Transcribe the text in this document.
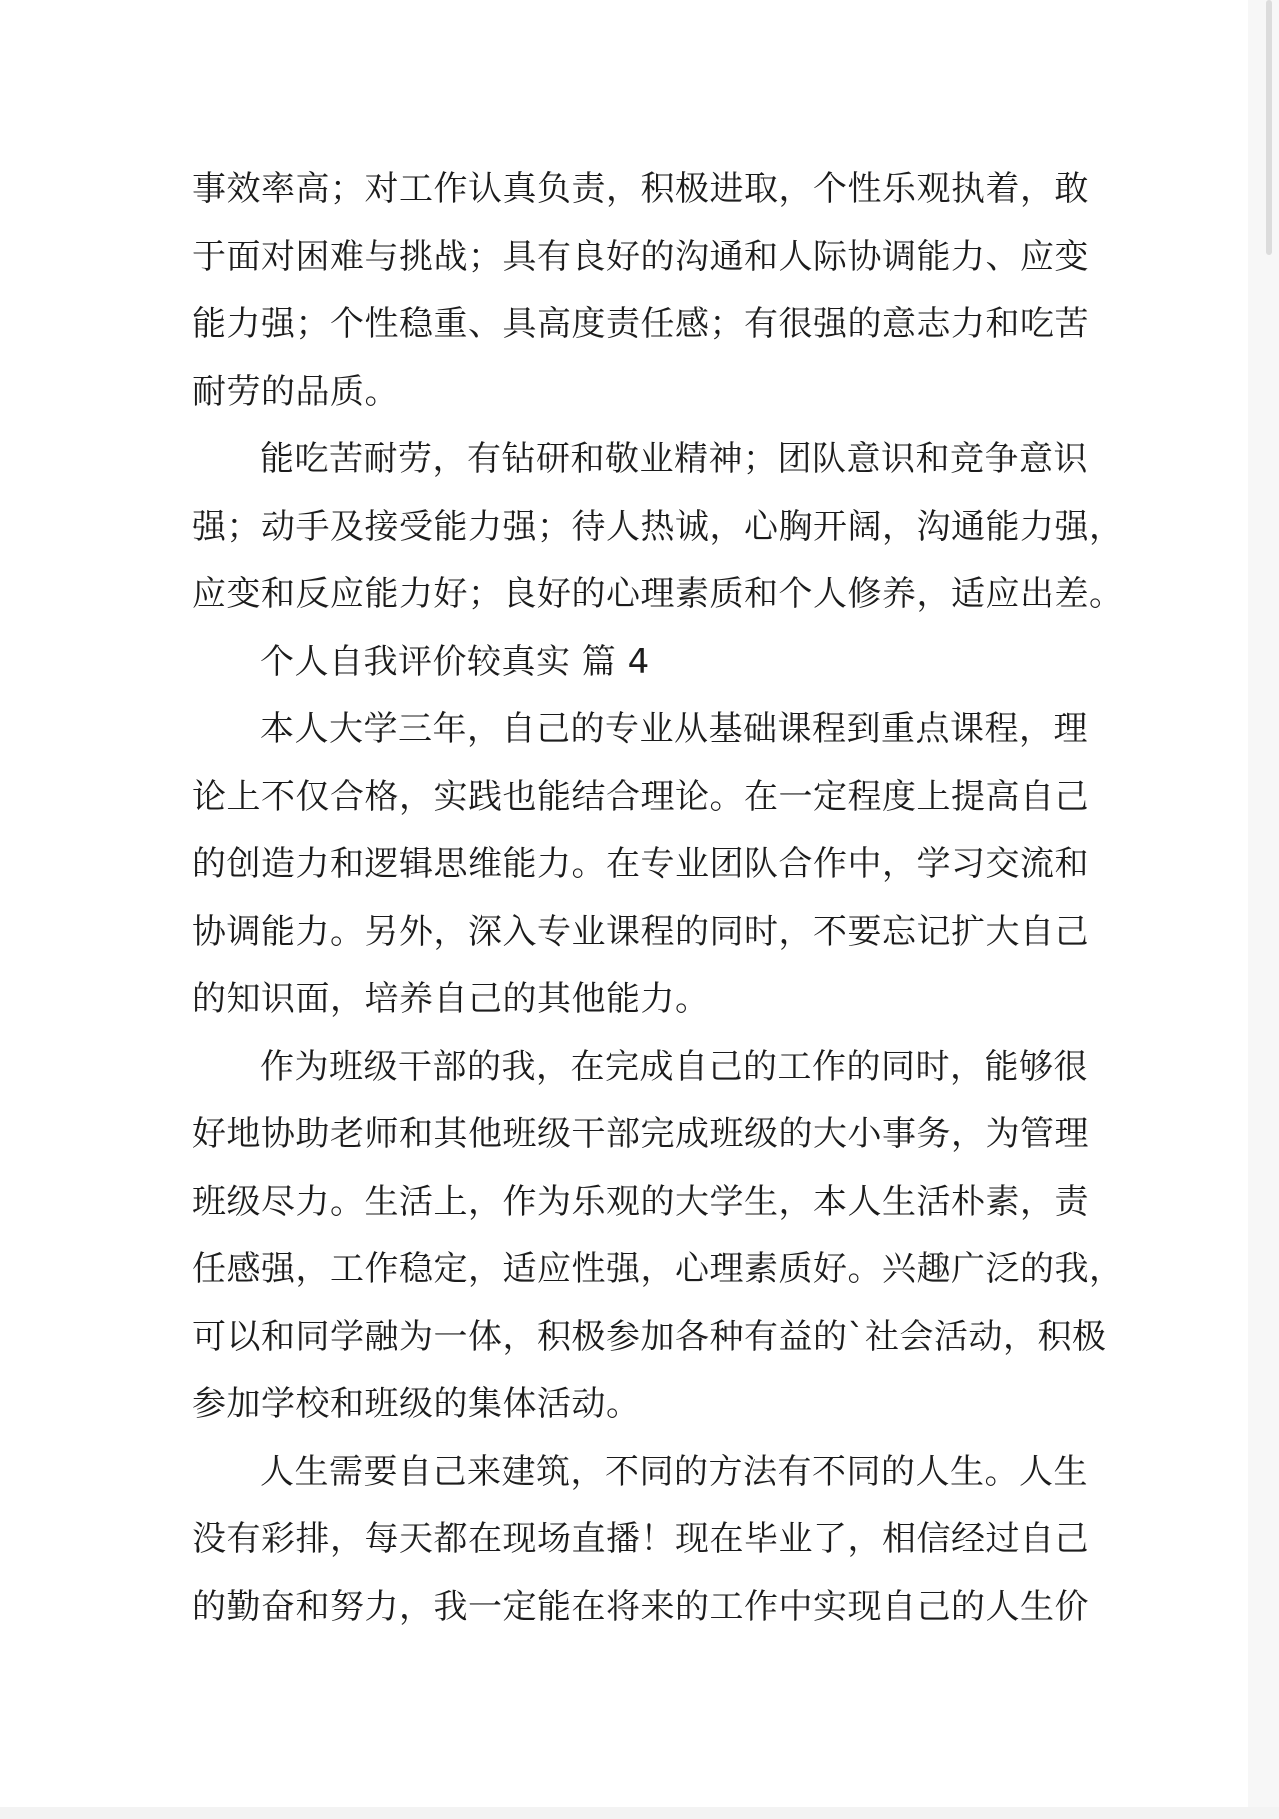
事效率高；对工作认真负责，积极进取，个性乐观执着，敢
于面对困难与挑战；具有良好的沟通和人际协调能力、应变
能力强；个性稳重、具高度责任感；有很强的意志力和吃苦
耐劳的品质。
能吃苦耐劳，有钻研和敬业精神；团队意识和竞争意识
强；动手及接受能力强；待人热诚，心胸开阔，沟通能力强，
应变和反应能力好；良好的心理素质和个人修养，适应出差。
个人自我评价较真实 篇 4
本人大学三年，自己的专业从基础课程到重点课程，理
论上不仅合格，实践也能结合理论。在一定程度上提高自己
的创造力和逻辑思维能力。在专业团队合作中，学习交流和
协调能力。另外，深入专业课程的同时，不要忘记扩大自己
的知识面，培养自己的其他能力。
作为班级干部的我，在完成自己的工作的同时，能够很
好地协助老师和其他班级干部完成班级的大小事务，为管理
班级尽力。生活上，作为乐观的大学生，本人生活朴素，责
任感强，工作稳定，适应性强，心理素质好。兴趣广泛的我，
可以和同学融为一体，积极参加各种有益的`社会活动，积极
参加学校和班级的集体活动。
人生需要自己来建筑，不同的方法有不同的人生。人生
没有彩排，每天都在现场直播！现在毕业了，相信经过自己
的勤奋和努力，我一定能在将来的工作中实现自己的人生价
